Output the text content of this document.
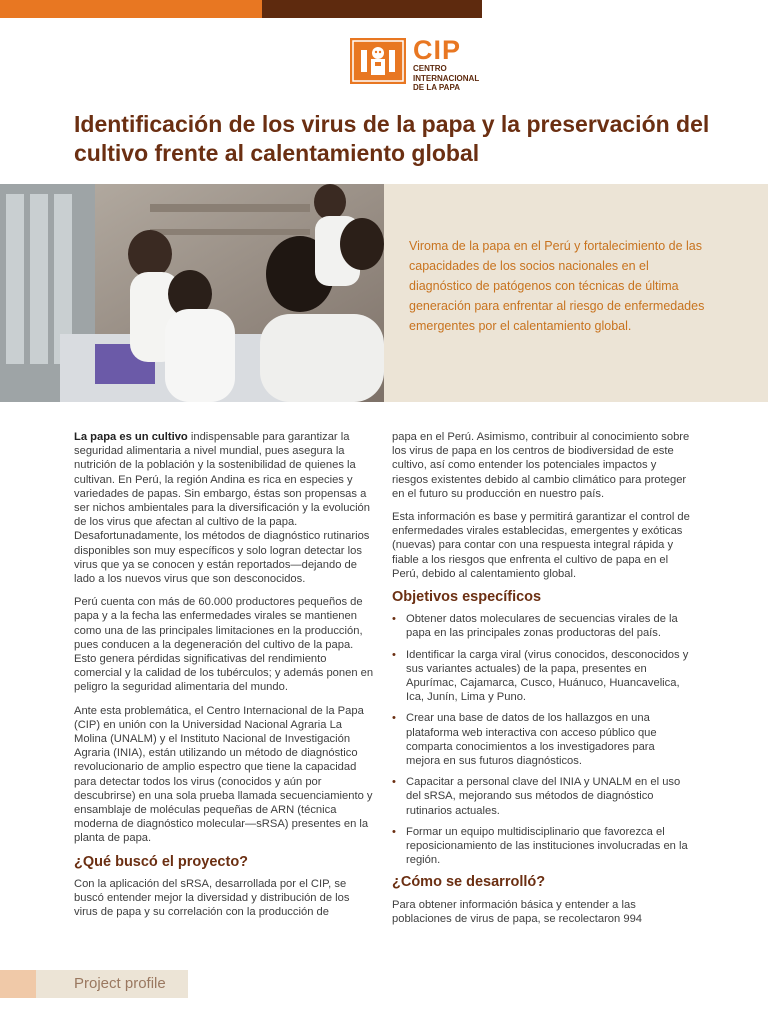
CIP
CENTRO
INTERNACIONAL
DE LA PAPA
Identificación de los virus de la papa y la preservación del cultivo frente al calentamiento global
Viroma de la papa en el Perú y fortalecimiento de las capacidades de los socios nacionales en el diagnóstico de patógenos con técnicas de última generación para enfrentar al riesgo de enfermedades emergentes por el calentamiento global.

La papa es un cultivo indispensable para garantizar la seguridad alimentaria a nivel mundial, pues asegura la nutrición de la población y la sostenibilidad de quienes la cultivan. En Perú, la región Andina es rica en especies y variedades de papas. Sin embargo, éstas son propensas a ser nichos ambientales para la diversificación y la evolución de los virus que afectan al cultivo de la papa. Desafortunadamente, los métodos de diagnóstico rutinarios disponibles son muy específicos y solo logran detectar los virus que ya se conocen y están reportados—dejando de lado a los nuevos virus que son desconocidos.

Perú cuenta con más de 60.000 productores pequeños de papa y a la fecha las enfermedades virales se mantienen como una de las principales limitaciones en la producción, pues conducen a la degeneración del cultivo de la papa. Esto genera pérdidas significativas del rendimiento comercial y la calidad de los tubérculos; y además ponen en peligro la seguridad alimentaria del mundo.

Ante esta problemática, el Centro Internacional de la Papa (CIP) en unión con la Universidad Nacional Agraria La Molina (UNALM) y el Instituto Nacional de Investigación Agraria (INIA), están utilizando un método de diagnóstico revolucionario de amplio espectro que tiene la capacidad para detectar todos los virus (conocidos y aún por descubrirse) en una sola prueba llamada secuenciamiento y ensamblaje de moléculas pequeñas de ARN (técnica moderna de diagnóstico molecular—sRSA) presentes en la planta de papa.

¿Qué buscó el proyecto?

Con la aplicación del sRSA, desarrollada por el CIP, se buscó entender mejor la diversidad y distribución de los virus de papa y su correlación con la producción de

papa en el Perú. Asimismo, contribuir al conocimiento sobre los virus de papa en los centros de biodiversidad de este cultivo, así como entender los potenciales impactos y riesgos existentes debido al cambio climático para proteger en el futuro su producción en nuestro país.

Esta información es base y permitirá garantizar el control de enfermedades virales establecidas, emergentes y exóticas (nuevas) para contar con una respuesta integral rápida y fiable a los riesgos que enfrenta el cultivo de papa en el Perú, debido al calentamiento global.

Objetivos específicos
• Obtener datos moleculares de secuencias virales de la papa en las principales zonas productoras del país.
• Identificar la carga viral (virus conocidos, desconocidos y sus variantes actuales) de la papa, presentes en Apurímac, Cajamarca, Cusco, Huánuco, Huancavelica, Ica, Junín, Lima y Puno.
• Crear una base de datos de los hallazgos en una plataforma web interactiva con acceso público que comparta conocimientos a los investigadores para mejora en sus futuros diagnósticos.
• Capacitar a personal clave del INIA y UNALM en el uso del sRSA, mejorando sus métodos de diagnóstico rutinarios actuales.
• Formar un equipo multidisciplinario que favorezca el reposicionamiento de las instituciones involucradas en la región.
¿Cómo se desarrolló?

Para obtener información básica y entender a las poblaciones de virus de papa, se recolectaron 994

Project profile
